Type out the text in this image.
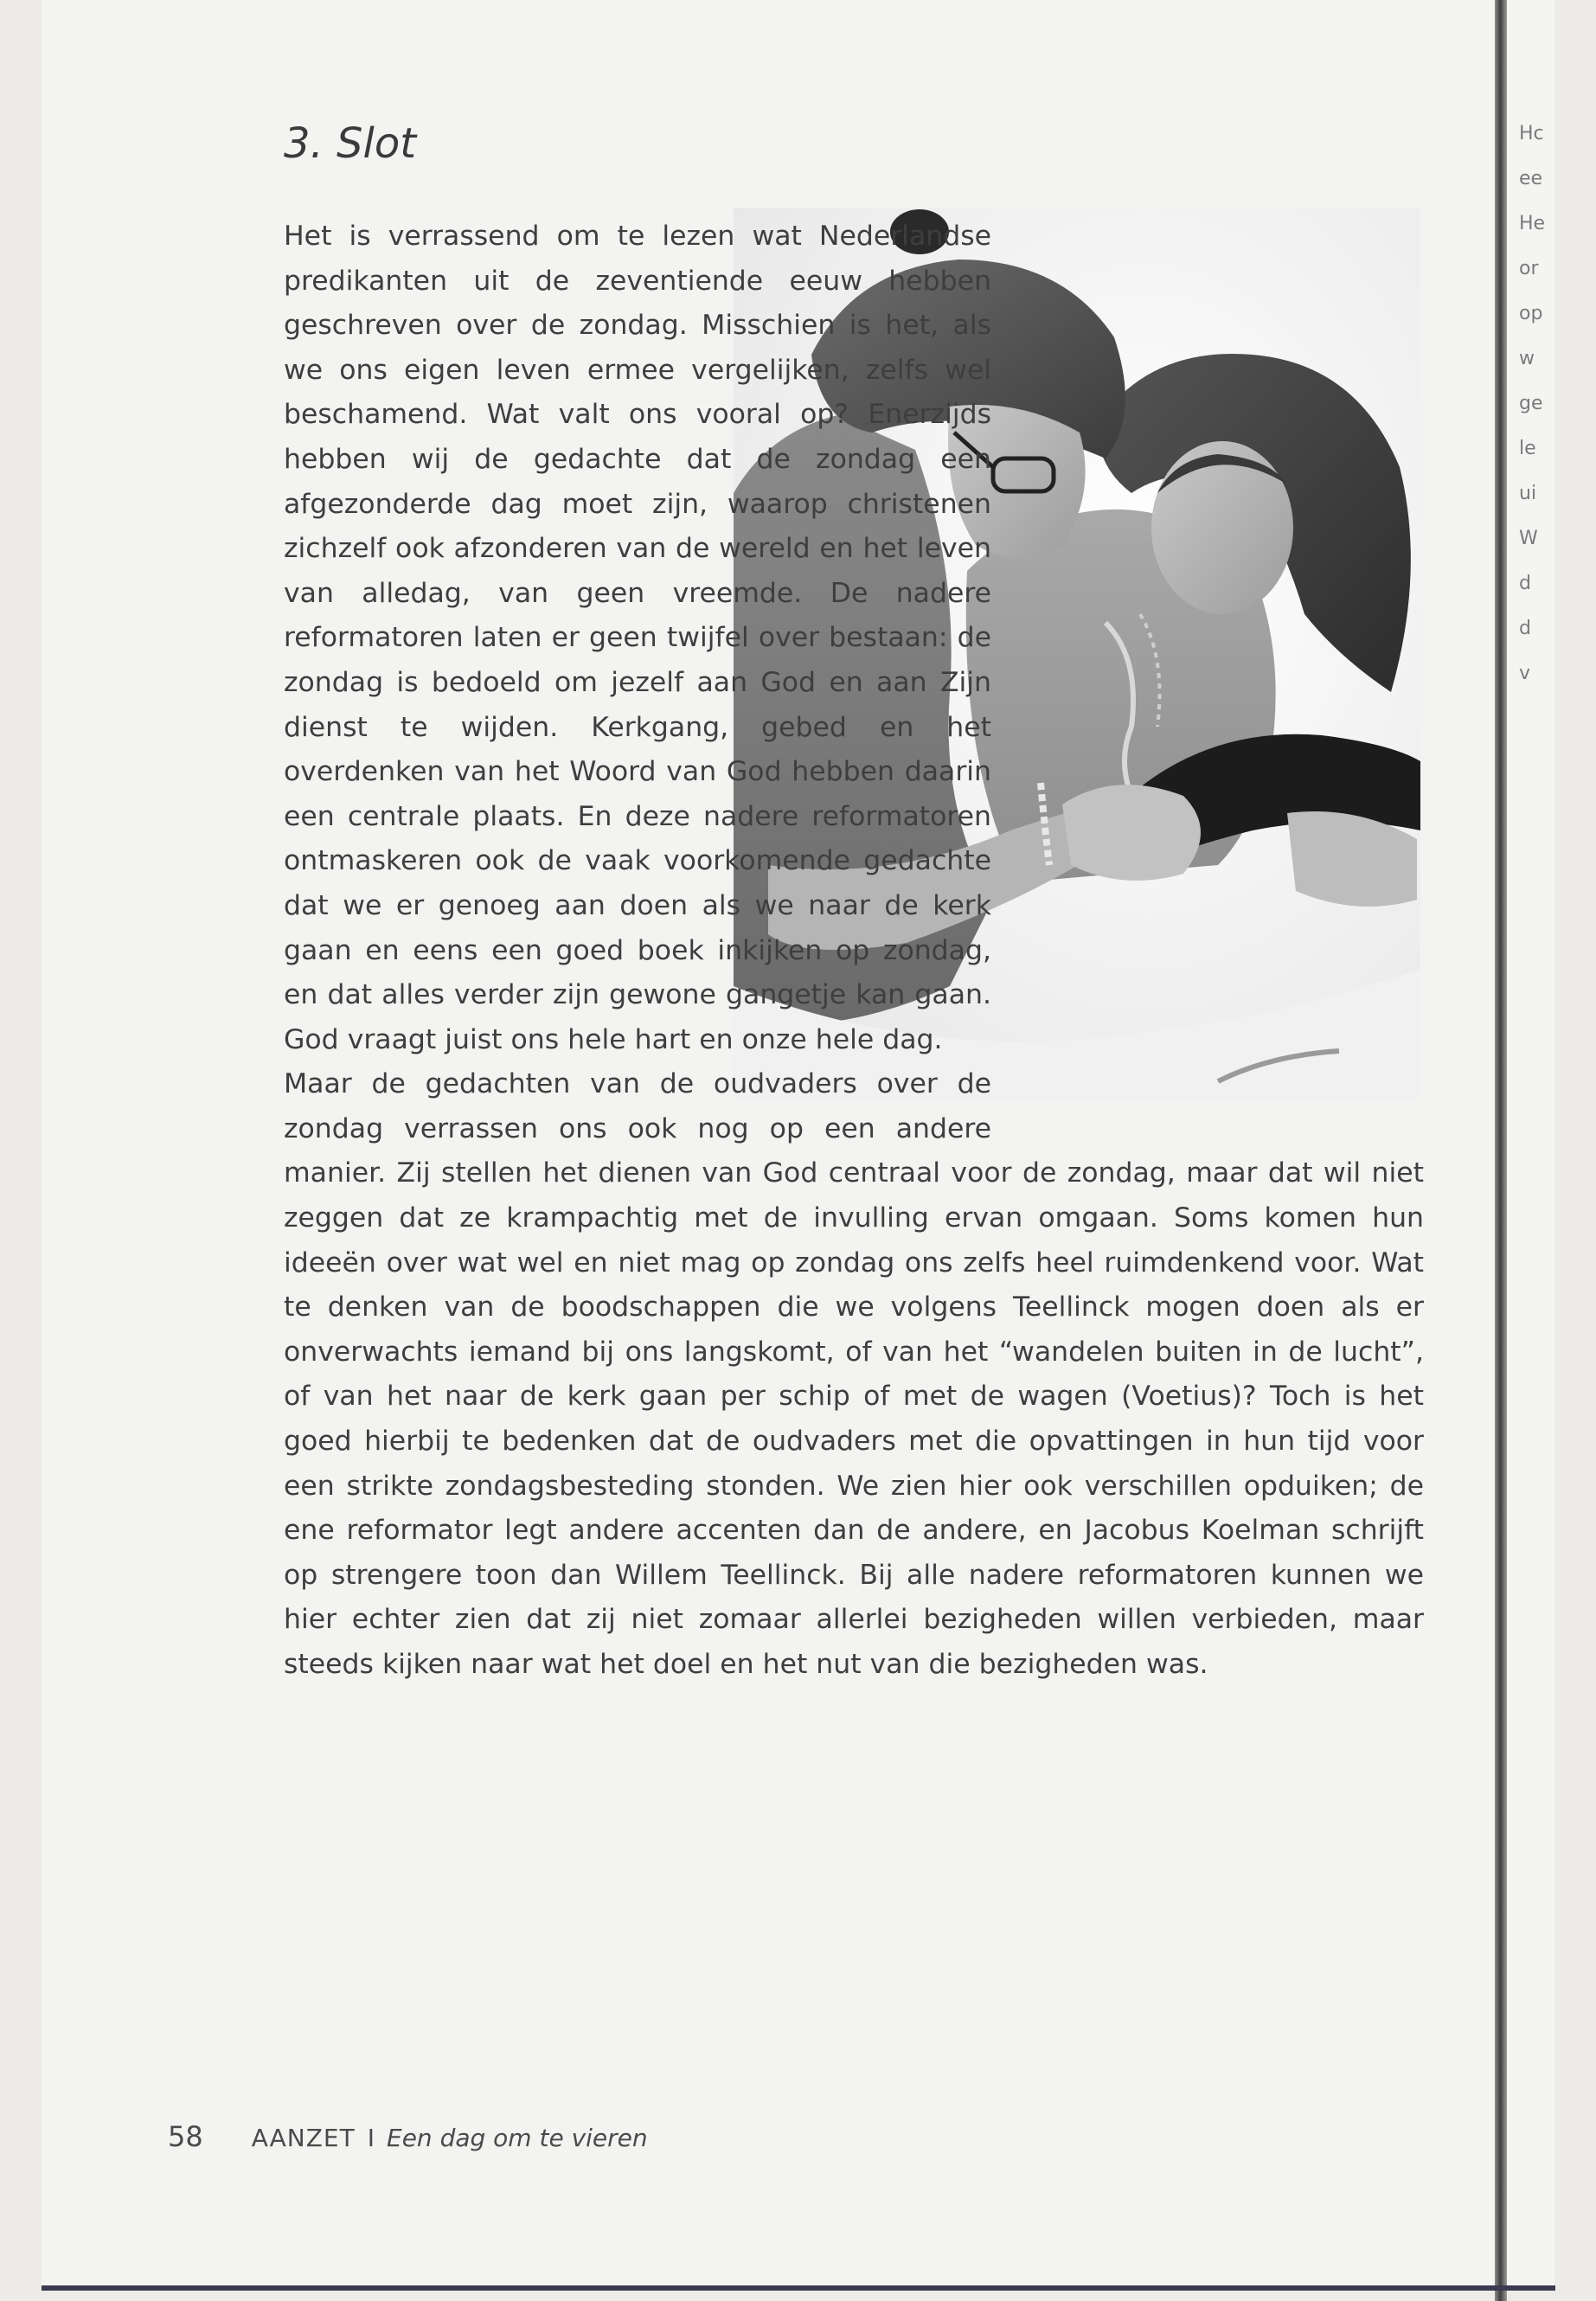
Hc
ee
He
or
op
w
ge
le
ui
W
d
d
v
3. Slot

Het is verrassend om te lezen wat Nederlandse predikanten uit de zeventiende eeuw hebben geschreven over de zondag. Misschien is het, als we ons eigen leven ermee vergelijken, zelfs wel beschamend. Wat valt ons vooral op? Enerzijds hebben wij de gedachte dat de zondag een afgezonderde dag moet zijn, waarop christenen zichzelf ook afzonderen van de wereld en het leven van alledag, van geen vreemde. De nadere reformatoren laten er geen twijfel over bestaan: de zondag is bedoeld om jezelf aan God en aan Zijn dienst te wijden. Kerkgang, gebed en het overdenken van het Woord van God hebben daarin een centrale plaats. En deze nadere reformatoren ontmaskeren ook de vaak voorkomende gedachte dat we er genoeg aan doen als we naar de kerk gaan en eens een goed boek inkijken op zondag, en dat alles verder zijn gewone gangetje kan gaan. God vraagt juist ons hele hart en onze hele dag.

Maar de gedachten van de oudvaders over de zondag verrassen ons ook nog op een andere manier. Zij stellen het dienen van God centraal voor de zondag, maar dat wil niet zeggen dat ze krampachtig met de invulling ervan omgaan. Soms komen hun ideeën over wat wel en niet mag op zondag ons zelfs heel ruimdenkend voor. Wat te denken van de boodschappen die we volgens Teellinck mogen doen als er onverwachts iemand bij ons langskomt, of van het “wandelen buiten in de lucht”, of van het naar de kerk gaan per schip of met de wagen (Voetius)? Toch is het goed hierbij te bedenken dat de oudvaders met die opvattingen in hun tijd voor een strikte zondagsbesteding stonden. We zien hier ook verschillen opduiken; de ene reformator legt andere accenten dan de andere, en Jacobus Koelman schrijft op strengere toon dan Willem Teellinck. Bij alle nadere reformatoren kunnen we hier echter zien dat zij niet zomaar allerlei bezigheden willen verbieden, maar steeds kijken naar wat het doel en het nut van die bezigheden was.

58 AANZET I Een dag om te vieren
